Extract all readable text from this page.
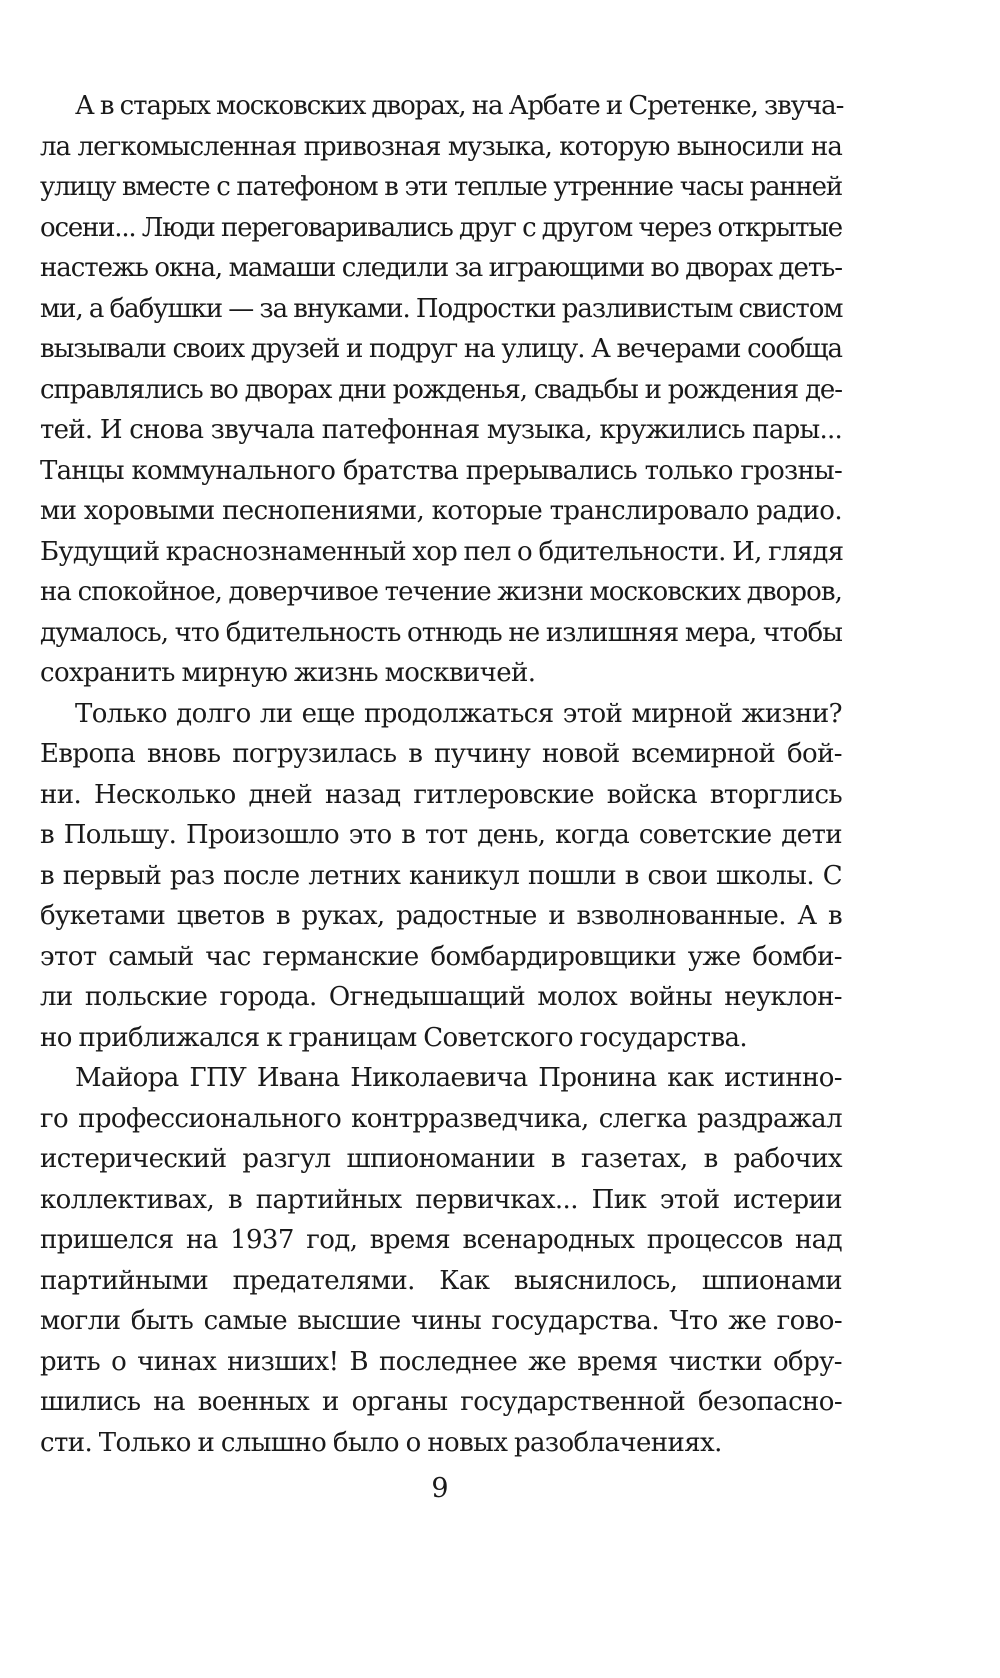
А в старых московских дворах, на Арбате и Сретенке, звуча-
ла легкомысленная привозная музыка, которую выносили на
улицу вместе с патефоном в эти теплые утренние часы ранней
осени... Люди переговаривались друг с другом через открытые
настежь окна, мамаши следили за играющими во дворах деть-
ми, а бабушки — за внуками. Подростки разливистым свистом
вызывали своих друзей и подруг на улицу. А вечерами сообща
справлялись во дворах дни рожденья, свадьбы и рождения де-
тей. И снова звучала патефонная музыка, кружились пары...
Танцы коммунального братства прерывались только грозны-
ми хоровыми песнопениями, которые транслировало радио.
Будущий краснознаменный хор пел о бдительности. И, глядя
на спокойное, доверчивое течение жизни московских дворов,
думалось, что бдительность отнюдь не излишняя мера, чтобы
сохранить мирную жизнь москвичей.
Только долго ли еще продолжаться этой мирной жизни?
Европа вновь погрузилась в пучину новой всемирной бой-
ни. Несколько дней назад гитлеровские войска вторглись
в Польшу. Произошло это в тот день, когда советские дети
в первый раз после летних каникул пошли в свои школы. С
букетами цветов в руках, радостные и взволнованные. А в
этот самый час германские бомбардировщики уже бомби-
ли польские города. Огнедышащий молох войны неуклон-
но приближался к границам Советского государства.
Майора ГПУ Ивана Николаевича Пронина как истинно-
го профессионального контрразведчика, слегка раздражал
истерический разгул шпиономании в газетах, в рабочих
коллективах, в партийных первичках... Пик этой истерии
пришелся на 1937 год, время всенародных процессов над
партийными предателями. Как выяснилось, шпионами
могли быть самые высшие чины государства. Что же гово-
рить о чинах низших! В последнее же время чистки обру-
шились на военных и органы государственной безопасно-
сти. Только и слышно было о новых разоблачениях.
9
